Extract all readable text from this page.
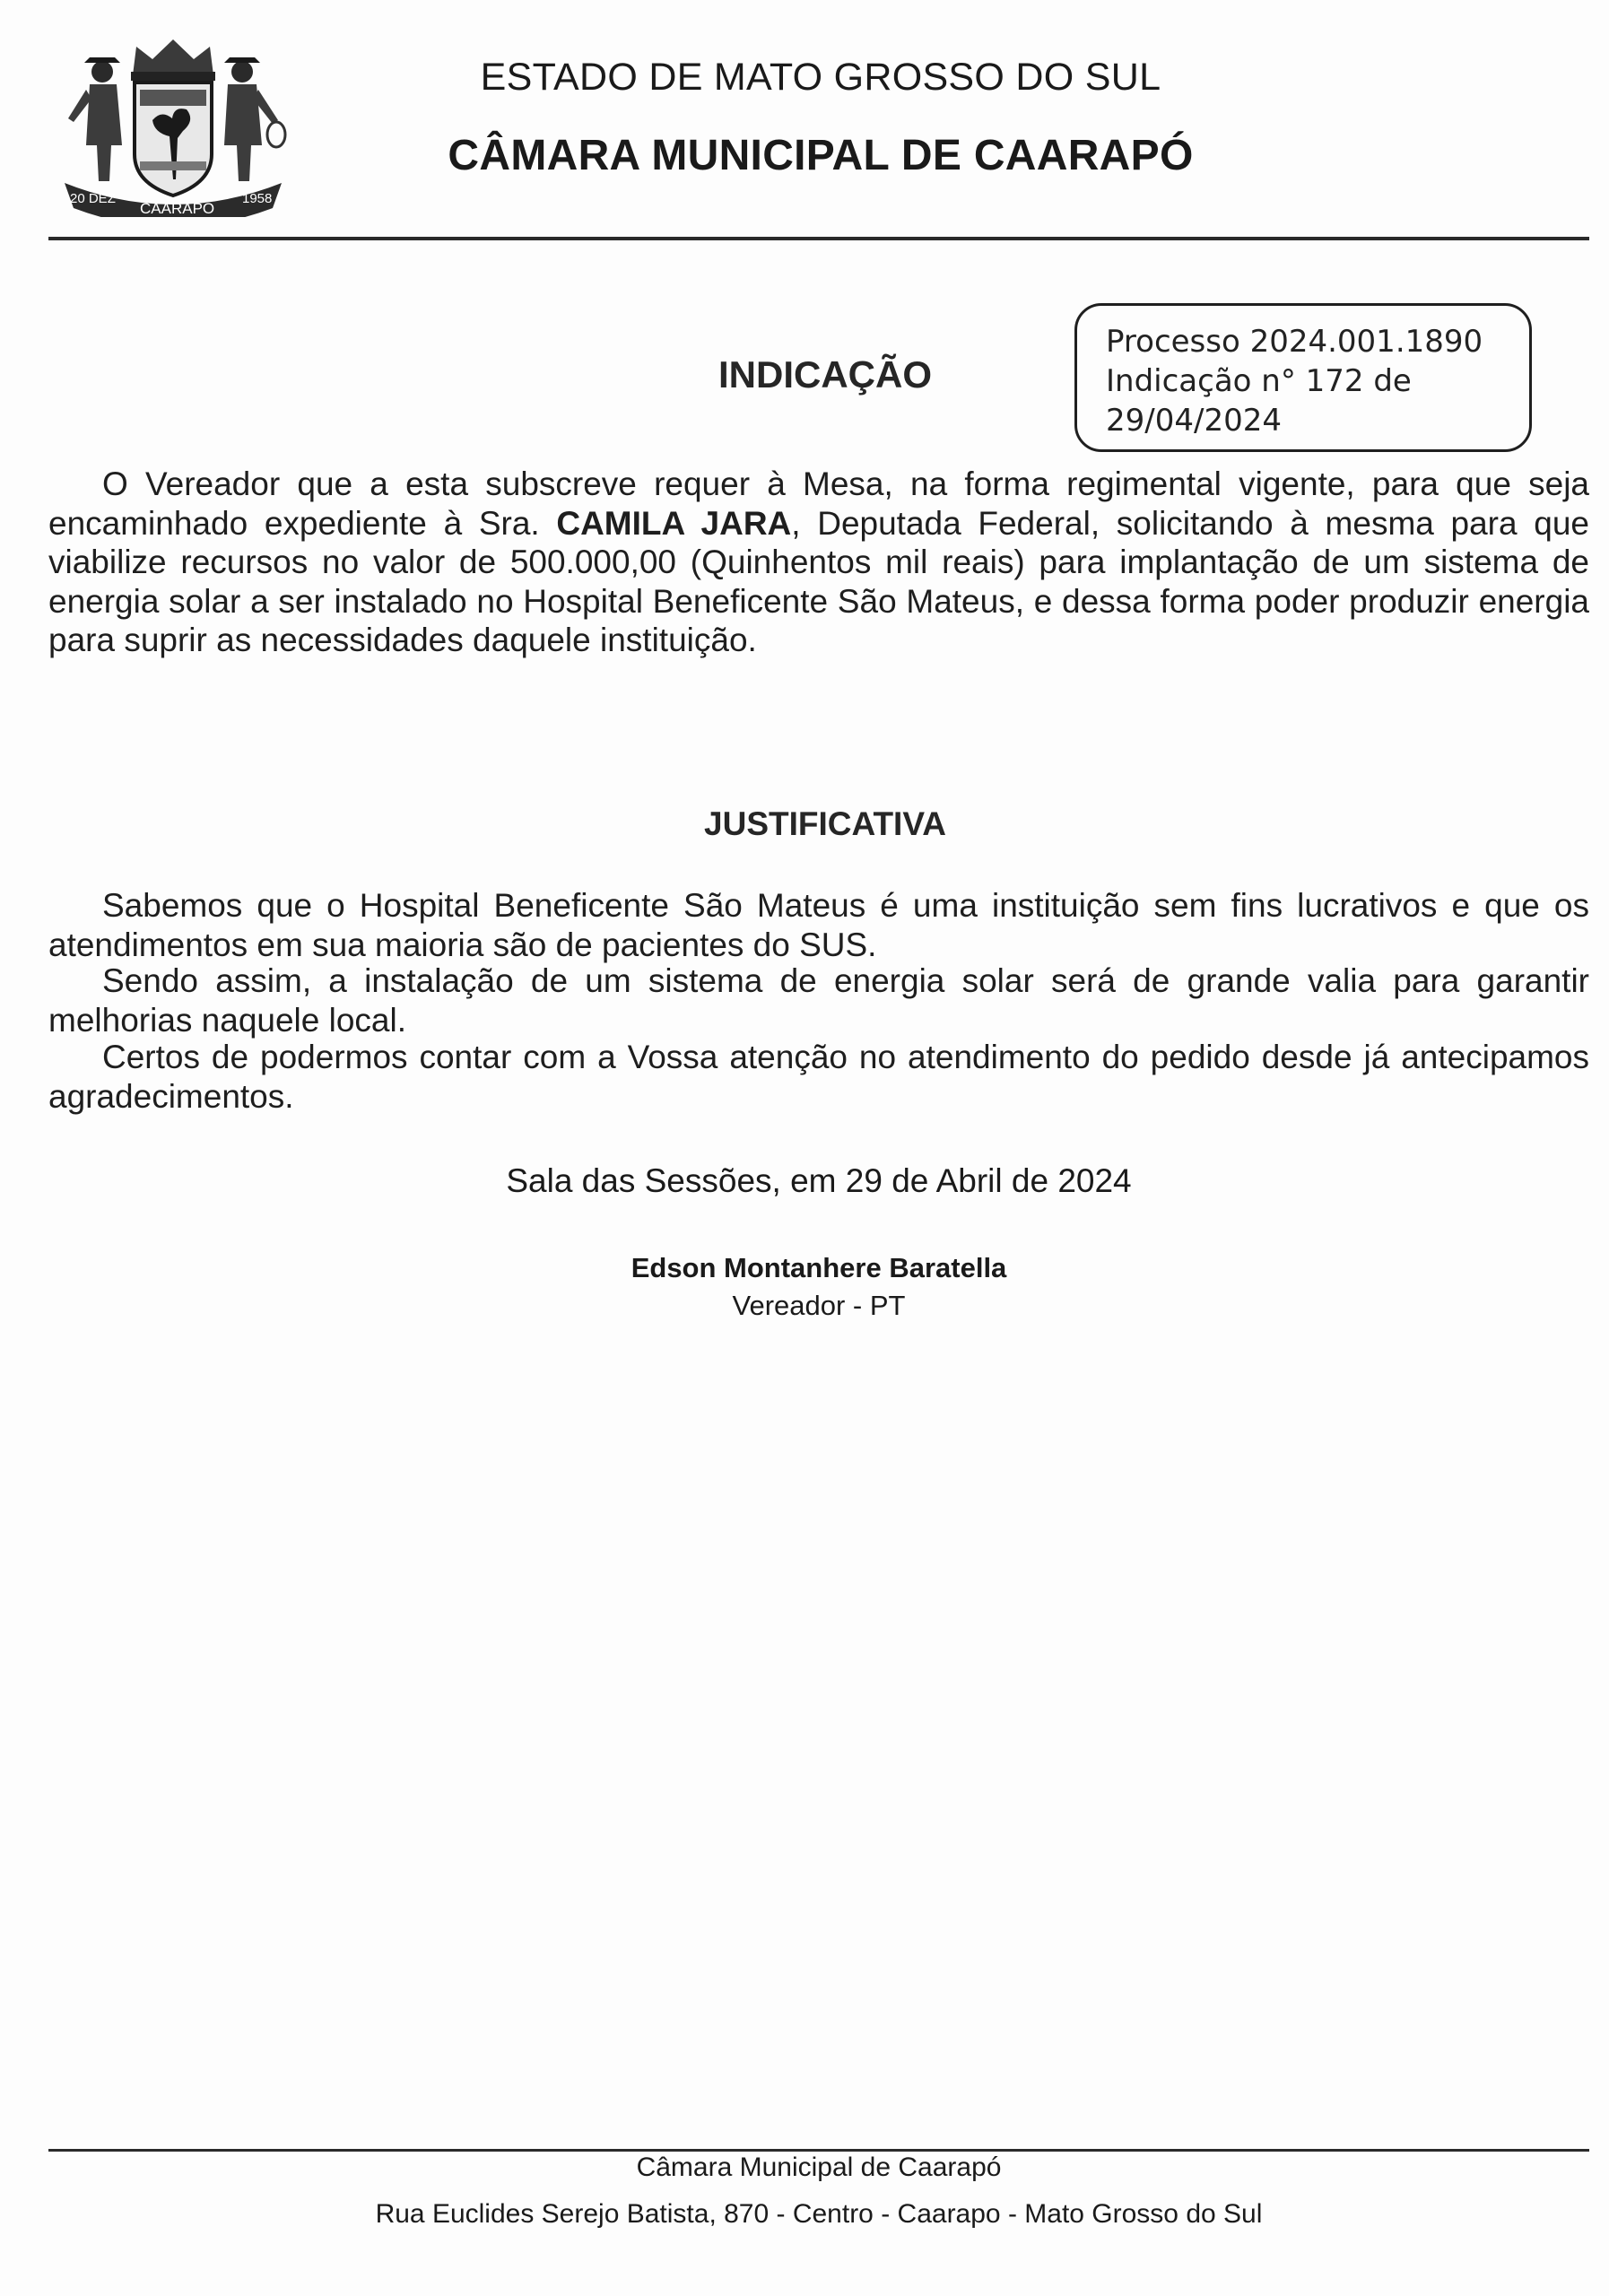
20 DEZ
CAARAPÓ
1958
ESTADO DE MATO GROSSO DO SUL
CÂMARA MUNICIPAL DE CAARAPÓ
Processo 2024.001.1890
Indicação n° 172 de
29/04/2024
INDICAÇÃO
O Vereador que a esta subscreve requer à Mesa, na forma regimental vigente, para que seja encaminhado expediente à Sra. CAMILA JARA, Deputada Federal, solicitando à mesma para que viabilize recursos no valor de 500.000,00 (Quinhentos mil reais) para implantação de um sistema de energia solar a ser instalado no Hospital Beneficente São Mateus, e dessa forma poder produzir energia para suprir as necessidades daquele instituição.
JUSTIFICATIVA
Sabemos que o Hospital Beneficente São Mateus é uma instituição sem fins lucrativos e que os atendimentos em sua maioria são de pacientes do SUS.
Sendo assim, a instalação de um sistema de energia solar será de grande valia para garantir melhorias naquele local.
Certos de podermos contar com a Vossa atenção no atendimento do pedido desde já antecipamos agradecimentos.
Sala das Sessões, em 29 de Abril de 2024
Edson Montanhere Baratella
Vereador - PT
Câmara Municipal de Caarapó
Rua Euclides Serejo Batista, 870 - Centro - Caarapo - Mato Grosso do Sul
